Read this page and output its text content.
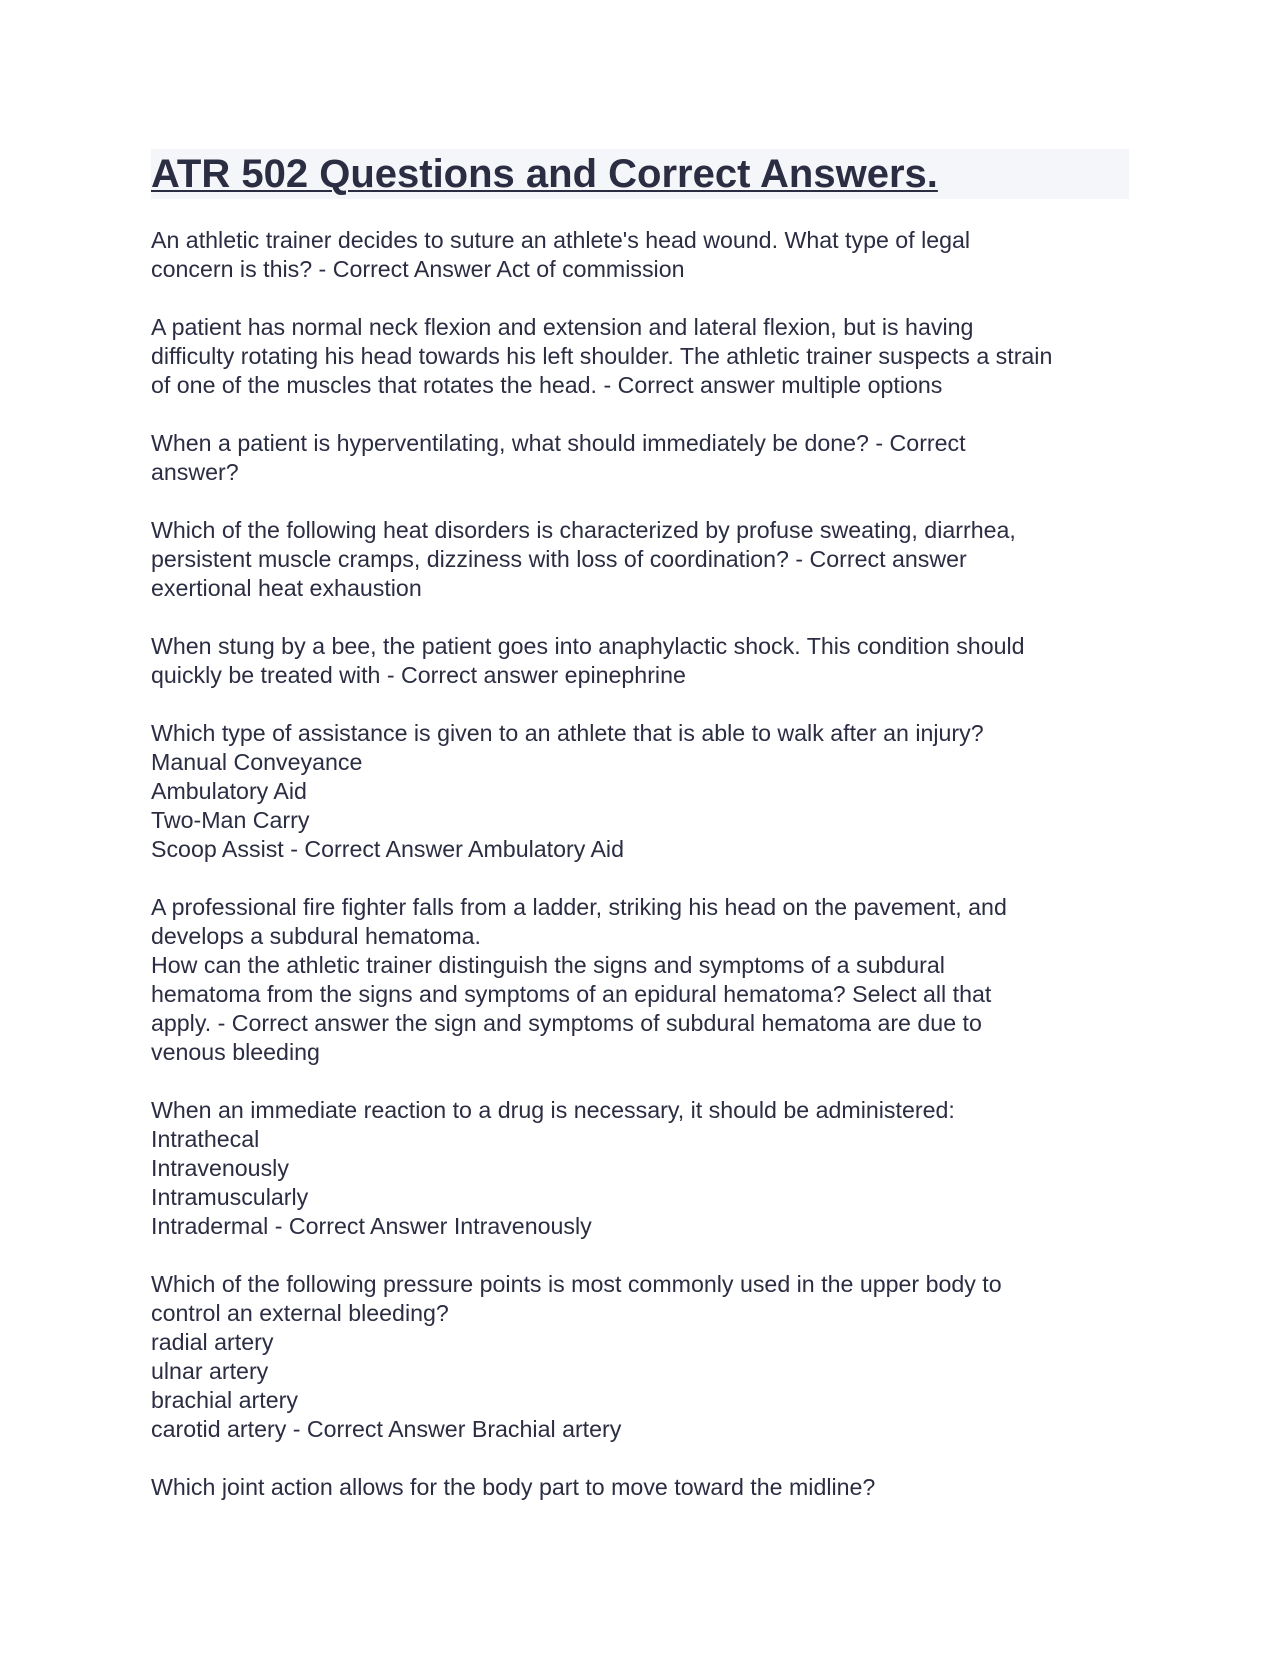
ATR 502 Questions and Correct Answers.

An athletic trainer decides to suture an athlete's head wound. What type of legal
concern is this? - Correct Answer Act of commission

A patient has normal neck flexion and extension and lateral flexion, but is having
difficulty rotating his head towards his left shoulder. The athletic trainer suspects a strain
of one of the muscles that rotates the head. - Correct answer multiple options

When a patient is hyperventilating, what should immediately be done? - Correct
answer?

Which of the following heat disorders is characterized by profuse sweating, diarrhea,
persistent muscle cramps, dizziness with loss of coordination? - Correct answer
exertional heat exhaustion

When stung by a bee, the patient goes into anaphylactic shock. This condition should
quickly be treated with - Correct answer epinephrine

Which type of assistance is given to an athlete that is able to walk after an injury?
Manual Conveyance
Ambulatory Aid
Two-Man Carry
Scoop Assist - Correct Answer Ambulatory Aid

A professional fire fighter falls from a ladder, striking his head on the pavement, and
develops a subdural hematoma.
How can the athletic trainer distinguish the signs and symptoms of a subdural
hematoma from the signs and symptoms of an epidural hematoma? Select all that
apply. - Correct answer the sign and symptoms of subdural hematoma are due to
venous bleeding

When an immediate reaction to a drug is necessary, it should be administered:
Intrathecal
Intravenously
Intramuscularly
Intradermal - Correct Answer Intravenously

Which of the following pressure points is most commonly used in the upper body to
control an external bleeding?
radial artery
ulnar artery
brachial artery
carotid artery - Correct Answer Brachial artery

Which joint action allows for the body part to move toward the midline?
